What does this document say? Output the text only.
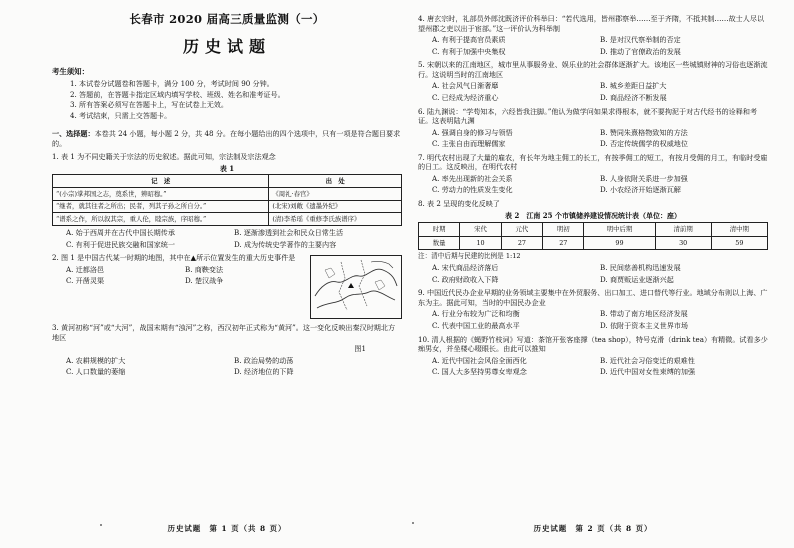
长春市 2020 届高三质量监测（一）
历史试题
考生须知：
1. 本试卷分试题卷和答题卡，满分 100 分，考试时间 90 分钟。
2. 答题前，在答题卡指定区域内填写学校、班级、姓名和准考证号。
3. 所有答案必须写在答题卡上，写在试卷上无效。
4. 考试结束，只需上交答题卡。
一、选择题：本卷共 24 小题，每小题 2 分，共 48 分。在每小题给出的四个选项中，只有一项是符合题目要求的。
1. 表 1 为不同史籍关于宗法的历史叙述。据此可知，宗法制及宗法观念
表 1
记　述	出　处
“(小宗)掌邦国之志，奠系世，辨昭穆。”	《周礼·春官》
“继者，就其往者之所出；民者，列其子孙之所自分。”	(北宋)刘敞《遗墨外纪》
“谱系之作，所以叙其宗，重人伦，睦宗族，序昭穆。”	(清)李希瑶《重修李氏族谱序》
A. 始于西周并在古代中国长期传承	B. 逐渐渗透到社会和民众日常生活
C. 有利于促进民族交融和国家统一	D. 成为传统史学著作的主要内容
2. 图 1 是中国古代某一时期的地图，其中在▲所示位置发生的重大历史事件是
A. 迁都洛邑	B. 商鞅变法
C. 开凿灵渠	D. 楚汉战争
3. 黄河初称“河”或“大河”，战国末期有“浊河”之称，西汉初年正式称为“黄河”。这一变化反映出秦汉时期北方地区
图1
A. 农耕规模的扩大	B. 政治局势的动荡
C. 人口数量的萎缩	D. 经济地位的下降
历史试题　第 1 页（共 8 页）
4. 唐玄宗时，礼部员外郎沈既济评价科举曰：“若代选用，皆州郡察举……至于齐隋，不抵其制……故士人尽以望州郡之吏以出于宦部。”这一评价认为科举制
A. 有利于提高官员素质	B. 是对汉代察举制的否定
C. 有利于加强中央集权	D. 推动了官僚政治的发展
5. 宋朝以来的江南地区，城市里从事服务业、娱乐业的社会群体逐渐扩大。该地区一些城镇财神的习俗也逐渐流行。这说明当时的江南地区
A. 社会风气日渐奢靡	B. 城乡差距日益扩大
C. 已经成为经济重心	D. 商品经济不断发展
6. 陆九渊说：“学苟知本，六经皆我注脚。”他认为做学问如果求得根本，就不要拘泥于对古代经书的诠释和考证。这表明陆九渊
A. 强调自身的修习与领悟	B. 赞同朱熹格物致知的方法
C. 主张自由而理解儒家	D. 否定传统儒学的权威地位
7. 明代农村出现了大量的雇农，有长年为地主佣工的长工，有按季佣工的短工，有按月受佣的月工，有临时受雇的日工。这反映出，在明代农村
A. 率先出现新的社会关系	B. 人身依附关系进一步加强
C. 劳动力的性质发生变化	D. 小农经济开始逐渐瓦解
8. 表 2 呈现的变化反映了
表 2　江南 25 个市镇储养建设情况统计表（单位：座）
时期	宋代	元代	明初	明中后期	清前期	清中期
数量	10	27	27	99	30	59
注：清中后期与民建的比例是 1:12
A. 宋代商品经济落后	B. 民间慈善机构迅速发展
C. 政府财政收入下降	D. 商贾贩运业逐渐兴起
9. 中国近代民办企业早期的业务领域主要集中在外贸服务、出口加工、进口替代等行业。地域分布则以上海、广东为主。据此可知，当时的中国民办企业
A. 行业分布较为广泛和均衡	B. 带动了南方地区经济发展
C. 代表中国工业的最高水平	D. 依附于资本主义世界市场
10. 清人根据的《蝇野竹枝词》写道：茶馆开张客座撑（tea shop），特号克滑（drink tea）有精微。试看多少痴男女，并坐楼心啜眼长。由此可以推知
A. 近代中国社会风俗全面西化	B. 近代社会习俗变迁的艰难性
C. 国人大多坚持男尊女卑观念	D. 近代中国对女性束缚的加强
历史试题　第 2 页（共 8 页）
